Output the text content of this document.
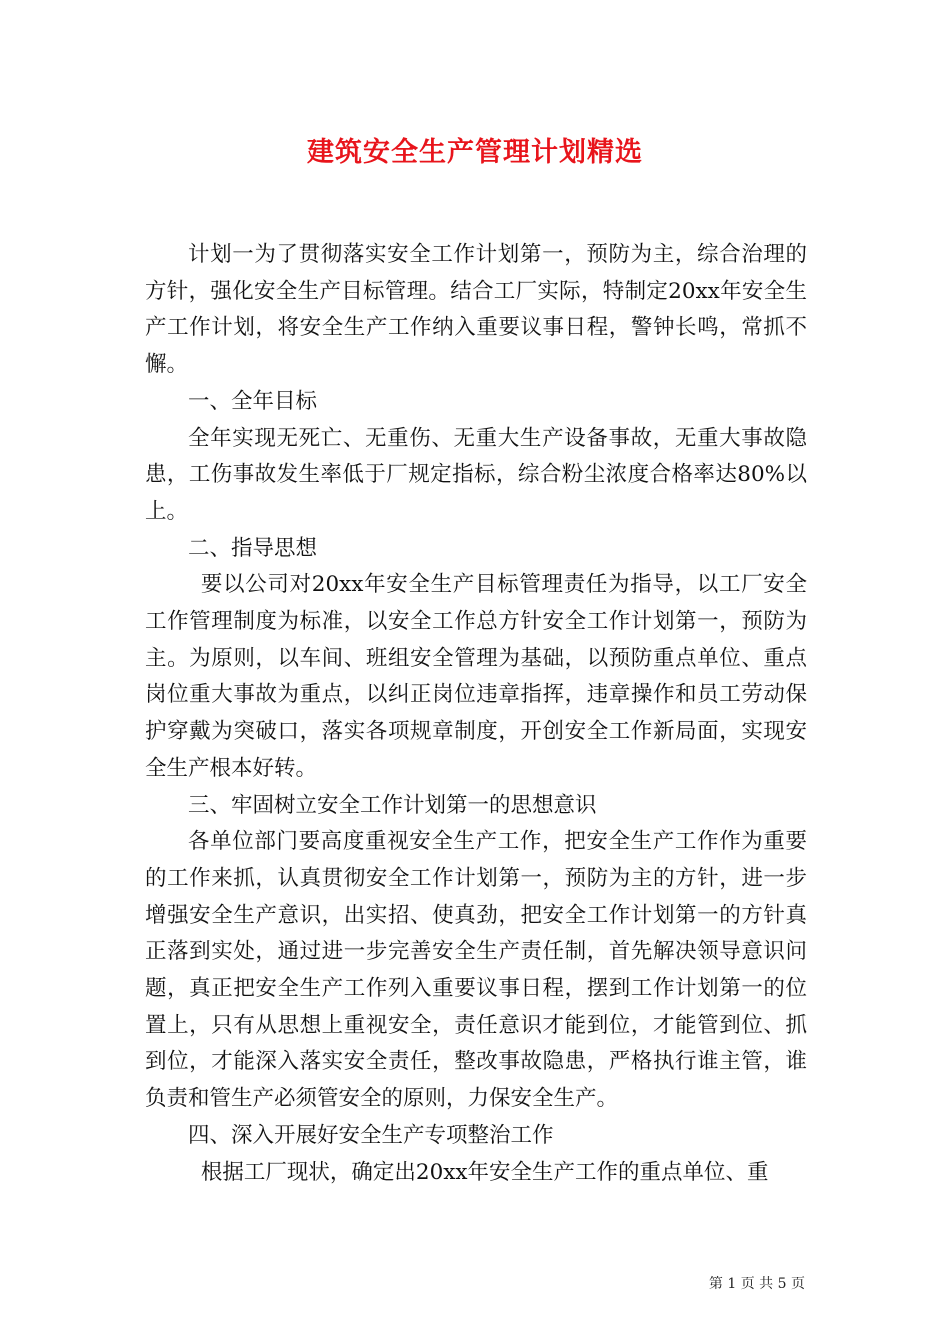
建筑安全生产管理计划精选

计划一为了贯彻落实安全工作计划第一，预防为主，综合治理的方针，强化安全生产目标管理。结合工厂实际，特制定20xx年安全生产工作计划，将安全生产工作纳入重要议事日程，警钟长鸣，常抓不懈。

一、全年目标

全年实现无死亡、无重伤、无重大生产设备事故，无重大事故隐患，工伤事故发生率低于厂规定指标，综合粉尘浓度合格率达80%以上。

二、指导思想

要以公司对20xx年安全生产目标管理责任为指导，以工厂安全工作管理制度为标准，以安全工作总方针安全工作计划第一，预防为主。为原则，以车间、班组安全管理为基础，以预防重点单位、重点岗位重大事故为重点，以纠正岗位违章指挥，违章操作和员工劳动保护穿戴为突破口，落实各项规章制度，开创安全工作新局面，实现安全生产根本好转。

三、牢固树立安全工作计划第一的思想意识

各单位部门要高度重视安全生产工作，把安全生产工作作为重要的工作来抓，认真贯彻安全工作计划第一，预防为主的方针，进一步增强安全生产意识，出实招、使真劲，把安全工作计划第一的方针真正落到实处，通过进一步完善安全生产责任制，首先解决领导意识问题，真正把安全生产工作列入重要议事日程，摆到工作计划第一的位置上，只有从思想上重视安全，责任意识才能到位，才能管到位、抓到位，才能深入落实安全责任，整改事故隐患，严格执行谁主管，谁负责和管生产必须管安全的原则，力保安全生产。

四、深入开展好安全生产专项整治工作

根据工厂现状，确定出20xx年安全生产工作的重点单位、重

第 1 页 共 5 页
